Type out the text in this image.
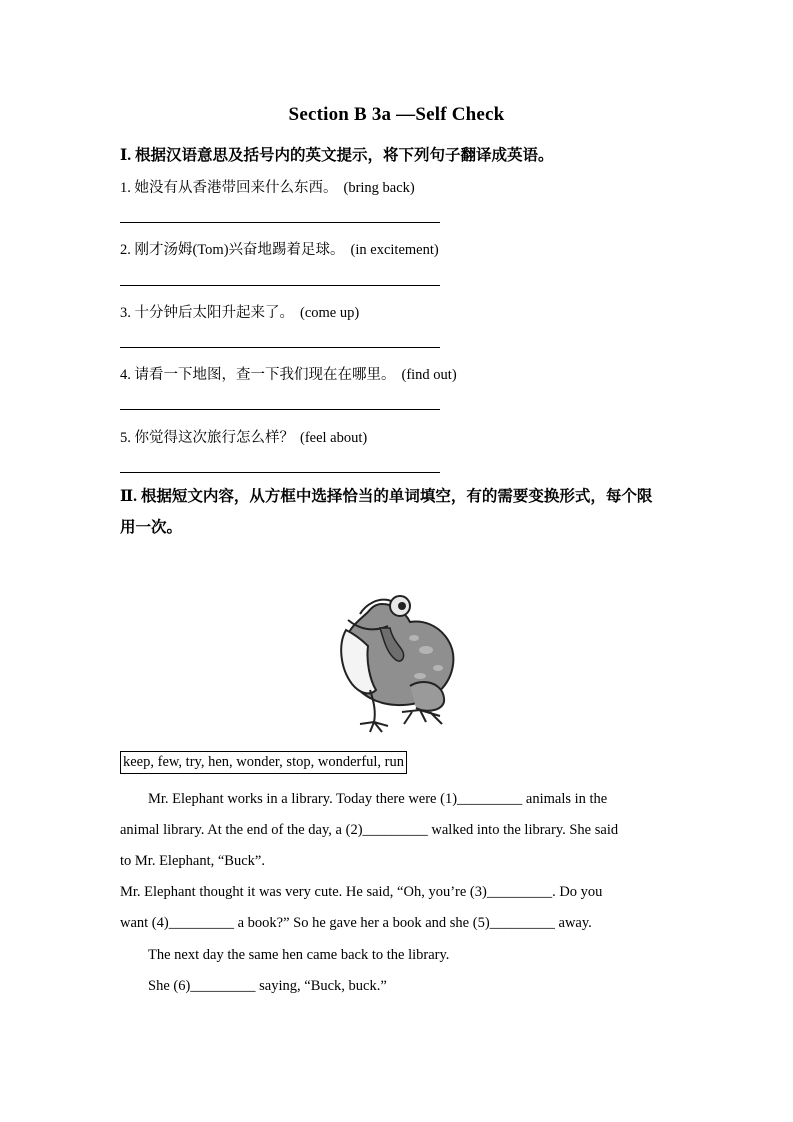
Section B 3a —Self Check
Ⅰ. 根据汉语意思及括号内的英文提示，将下列句子翻译成英语。
1. 她没有从香港带回来什么东西。 (bring back)
2. 刚才汤姆(Tom)兴奋地踢着足球。 (in excitement)
3. 十分钟后太阳升起来了。 (come up)
4. 请看一下地图，查一下我们现在在哪里。 (find out)
5. 你觉得这次旅行怎么样？ (feel about)
Ⅱ. 根据短文内容，从方框中选择恰当的单词填空，有的需要变换形式，每个限
用一次。
keep, few, try, hen, wonder, stop, wonderful, run
Mr. Elephant works in a library. Today there were (1)_________ animals in the
animal library. At the end of the day, a (2)_________ walked into the library. She said
to Mr. Elephant, “Buck”.
Mr. Elephant thought it was very cute. He said, “Oh, you’re (3)_________. Do you
want (4)_________ a book?” So he gave her a book and she (5)_________ away.
The next day the same hen came back to the library.
She (6)_________ saying, “Buck, buck.”
